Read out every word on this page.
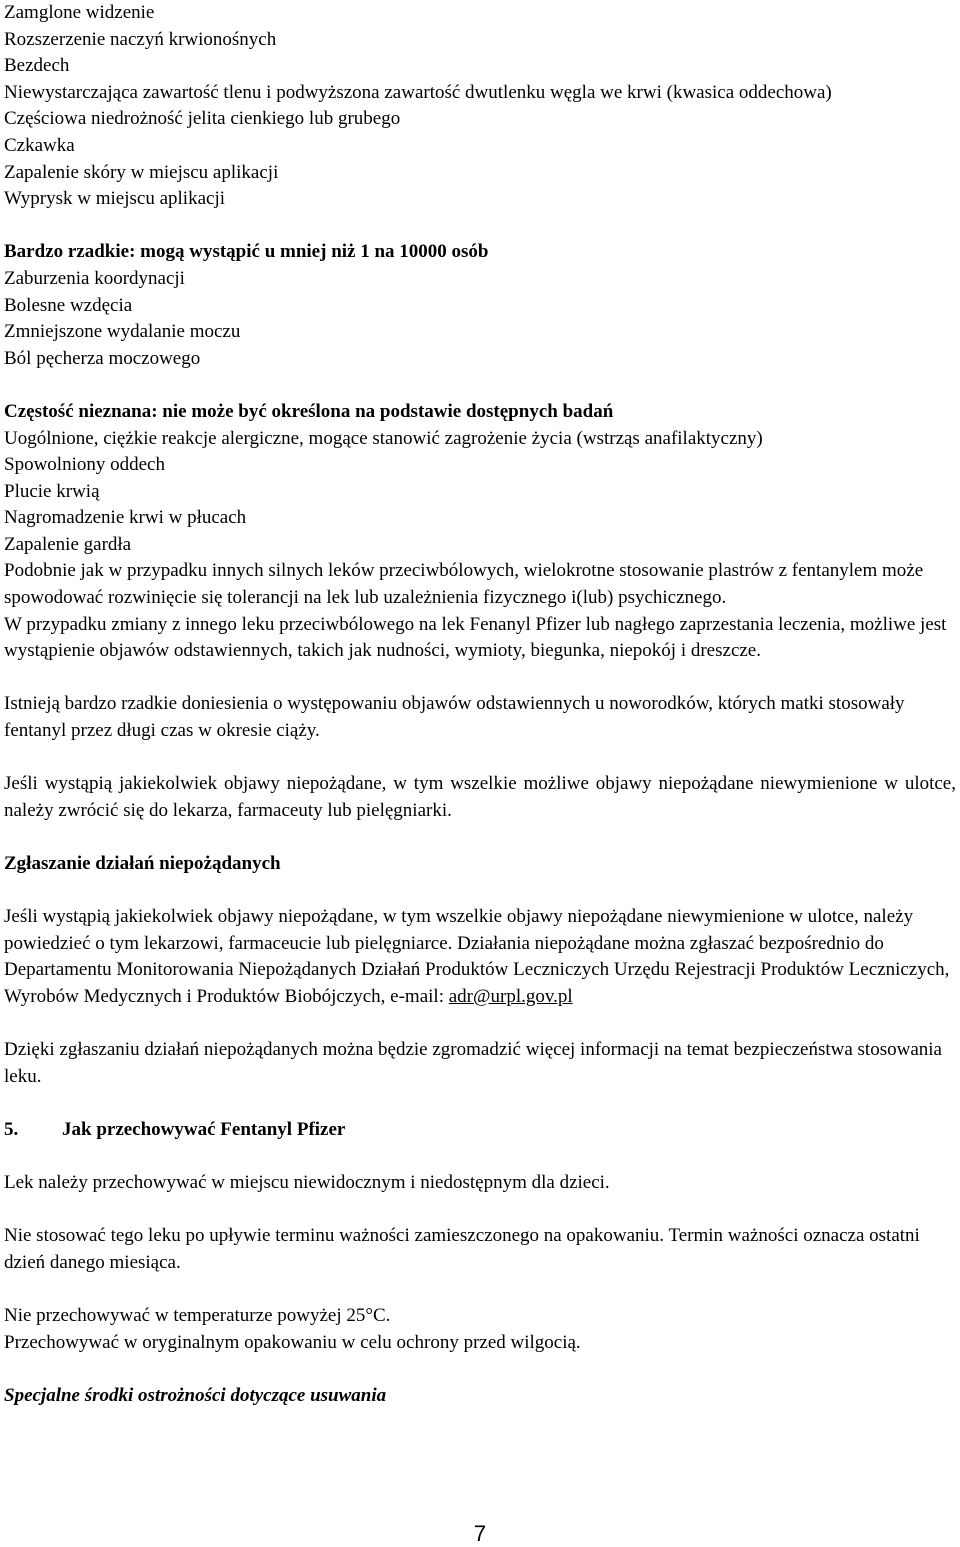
Zamglone widzenie

Rozszerzenie naczyń krwionośnych

Bezdech

Niewystarczająca zawartość tlenu i podwyższona zawartość dwutlenku węgla we krwi (kwasica oddechowa)

Częściowa niedrożność jelita cienkiego lub grubego

Czkawka

Zapalenie skóry w miejscu aplikacji

Wyprysk w miejscu aplikacji

Bardzo rzadkie: mogą wystąpić u mniej niż 1 na 10000 osób

Zaburzenia koordynacji

Bolesne wzdęcia

Zmniejszone wydalanie moczu

Ból pęcherza moczowego

Częstość nieznana: nie może być określona na podstawie dostępnych badań

Uogólnione, ciężkie reakcje alergiczne, mogące stanowić zagrożenie życia (wstrząs anafilaktyczny)

Spowolniony oddech

Plucie krwią

Nagromadzenie krwi w płucach

Zapalenie gardła

Podobnie jak w przypadku innych silnych leków przeciwbólowych, wielokrotne stosowanie plastrów z fentanylem może spowodować rozwinięcie się tolerancji na lek lub uzależnienia fizycznego i(lub) psychicznego.

W przypadku zmiany z innego leku przeciwbólowego na lek Fenanyl Pfizer lub nagłego zaprzestania leczenia, możliwe jest wystąpienie objawów odstawiennych, takich jak nudności, wymioty, biegunka, niepokój i dreszcze.

Istnieją bardzo rzadkie doniesienia o występowaniu objawów odstawiennych u noworodków, których matki stosowały fentanyl przez długi czas w okresie ciąży.

Jeśli wystąpią jakiekolwiek objawy niepożądane, w tym wszelkie możliwe objawy niepożądane niewymienione w ulotce, należy zwrócić się do lekarza, farmaceuty lub pielęgniarki.

Zgłaszanie działań niepożądanych

Jeśli wystąpią jakiekolwiek objawy niepożądane, w tym wszelkie objawy niepożądane niewymienione w ulotce, należy powiedzieć o tym lekarzowi, farmaceucie lub pielęgniarce. Działania niepożądane można zgłaszać bezpośrednio do Departamentu Monitorowania Niepożądanych Działań Produktów Leczniczych Urzędu Rejestracji Produktów Leczniczych, Wyrobów Medycznych i Produktów Biobójczych, e-mail: adr@urpl.gov.pl

Dzięki zgłaszaniu działań niepożądanych można będzie zgromadzić więcej informacji na temat bezpieczeństwa stosowania leku.

5.	Jak przechowywać Fentanyl Pfizer

Lek należy przechowywać w miejscu niewidocznym i niedostępnym dla dzieci.

Nie stosować tego leku po upływie terminu ważności zamieszczonego na opakowaniu. Termin ważności oznacza ostatni dzień danego miesiąca.

Nie przechowywać w temperaturze powyżej 25°C.

Przechowywać w oryginalnym opakowaniu w celu ochrony przed wilgocią.

Specjalne środki ostrożności dotyczące usuwania

7
